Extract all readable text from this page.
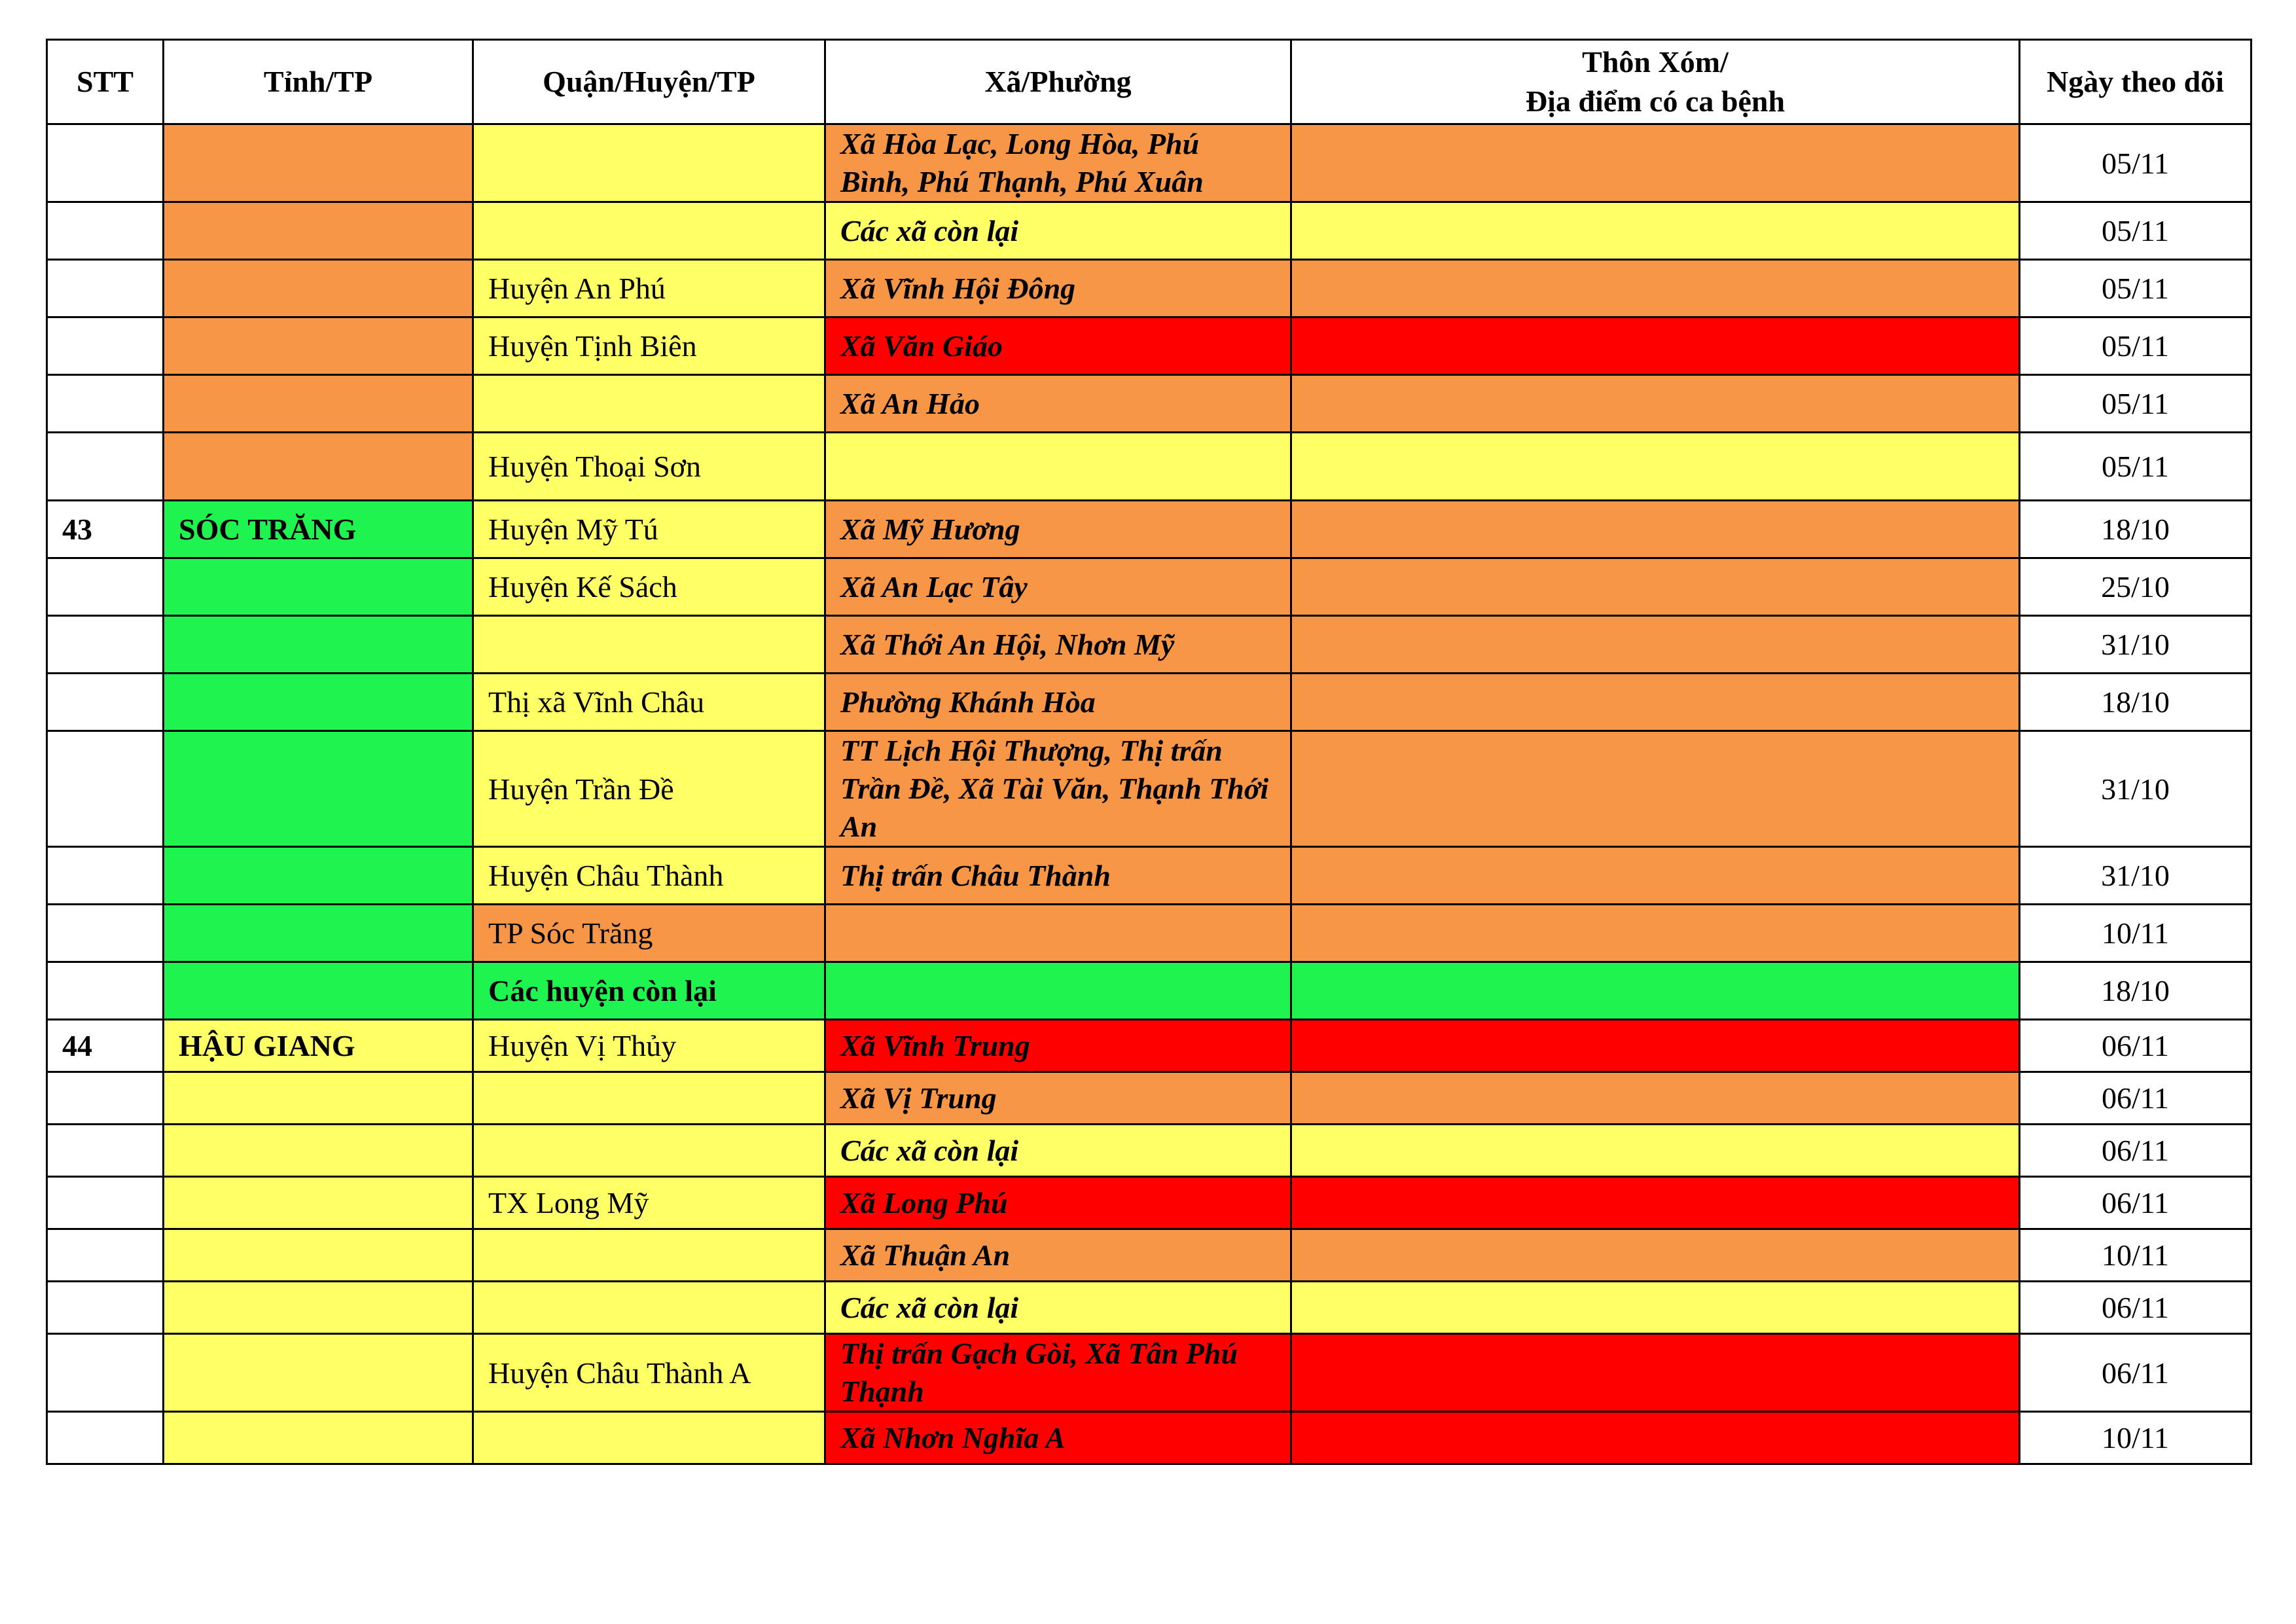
STT	Tỉnh/TP	Quận/Huyện/TP	Xã/Phường	Thôn Xóm/
Địa điểm có ca bệnh	Ngày theo dõi
			Xã Hòa Lạc, Long Hòa, Phú Bình, Phú Thạnh, Phú Xuân		05/11
			Các xã còn lại		05/11
		Huyện An Phú	Xã Vĩnh Hội Đông		05/11
		Huyện Tịnh Biên	Xã Văn Giáo		05/11
			Xã An Hảo		05/11
		Huyện Thoại Sơn			05/11
43	SÓC TRĂNG	Huyện Mỹ Tú	Xã Mỹ Hương		18/10
		Huyện Kế Sách	Xã An Lạc Tây		25/10
			Xã Thới An Hội, Nhơn Mỹ		31/10
		Thị xã Vĩnh Châu	Phường Khánh Hòa		18/10
		Huyện Trần Đề	TT Lịch Hội Thượng, Thị trấn Trần Đề, Xã Tài Văn, Thạnh Thới An		31/10
		Huyện Châu Thành	Thị trấn Châu Thành		31/10
		TP Sóc Trăng			10/11
		Các huyện còn lại			18/10
44	HẬU GIANG	Huyện Vị Thủy	Xã Vĩnh Trung		06/11
			Xã Vị Trung		06/11
			Các xã còn lại		06/11
		TX Long Mỹ	Xã Long Phú		06/11
			Xã Thuận An		10/11
			Các xã còn lại		06/11
		Huyện Châu Thành A	Thị trấn Gạch Gòi, Xã Tân Phú Thạnh		06/11
			Xã Nhơn Nghĩa A		10/11
